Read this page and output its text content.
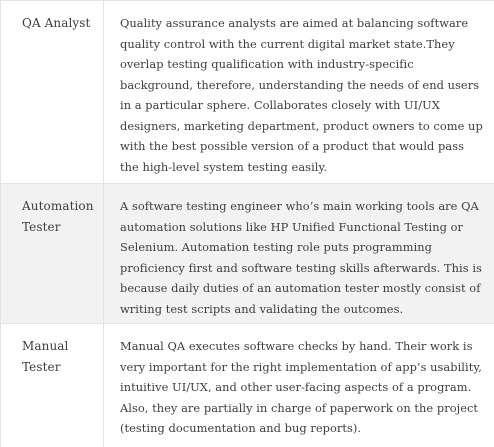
QA Analyst	Quality assurance analysts are aimed at balancing software quality control with the current digital market state.They overlap testing qualification with industry-specific background, therefore, understanding the needs of end users in a particular sphere. Collaborates closely with UI/UX designers, marketing department, product owners to come up with the best possible version of a product that would pass the high-level system testing easily.
Automation Tester	A software testing engineer who’s main working tools are QA automation solutions like HP Unified Functional Testing or Selenium. Automation testing role puts programming proficiency first and software testing skills afterwards. This is because daily duties of an automation tester mostly consist of writing test scripts and validating the outcomes.
Manual Tester	Manual QA executes software checks by hand. Their work is very important for the right implementation of app’s usability, intuitive UI/UX, and other user-facing aspects of a program. Also, they are partially in charge of paperwork on the project (testing documentation and bug reports).
